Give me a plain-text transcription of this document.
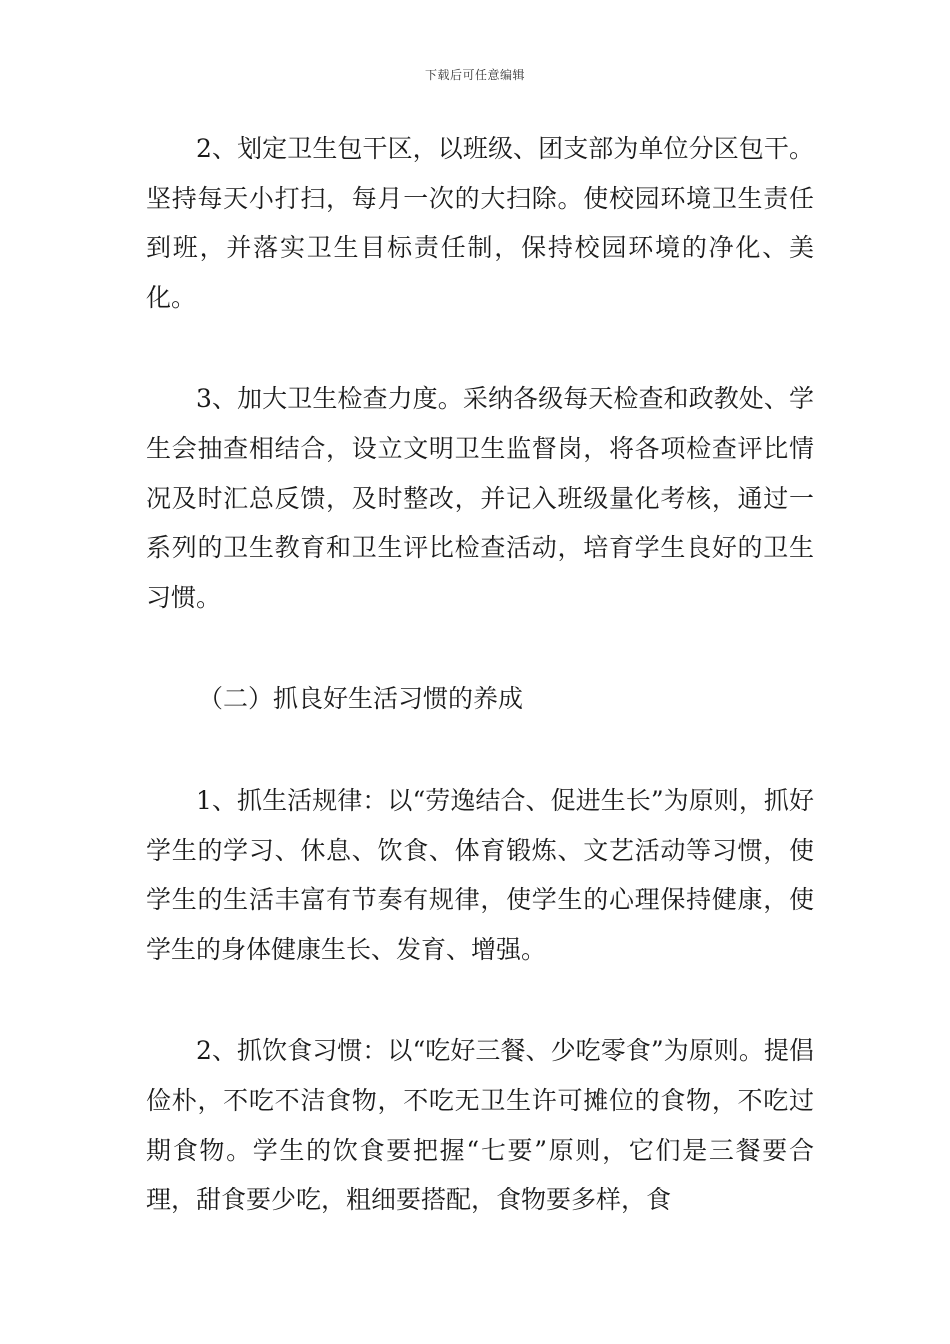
下载后可任意编辑

2、划定卫生包干区，以班级、团支部为单位分区包干。坚持每天小打扫，每月一次的大扫除。使校园环境卫生责任到班，并落实卫生目标责任制，保持校园环境的净化、美化。

3、加大卫生检查力度。采纳各级每天检查和政教处、学生会抽查相结合，设立文明卫生监督岗，将各项检查评比情况及时汇总反馈，及时整改，并记入班级量化考核，通过一系列的卫生教育和卫生评比检查活动，培育学生良好的卫生习惯。

（二）抓良好生活习惯的养成

1、抓生活规律：以“劳逸结合、促进生长”为原则，抓好学生的学习、休息、饮食、体育锻炼、文艺活动等习惯，使学生的生活丰富有节奏有规律，使学生的心理保持健康，使学生的身体健康生长、发育、增强。

2、抓饮食习惯：以“吃好三餐、少吃零食”为原则。提倡俭朴，不吃不洁食物，不吃无卫生许可摊位的食物，不吃过期食物。学生的饮食要把握“七要”原则，它们是三餐要合理，甜食要少吃，粗细要搭配，食物要多样，食
